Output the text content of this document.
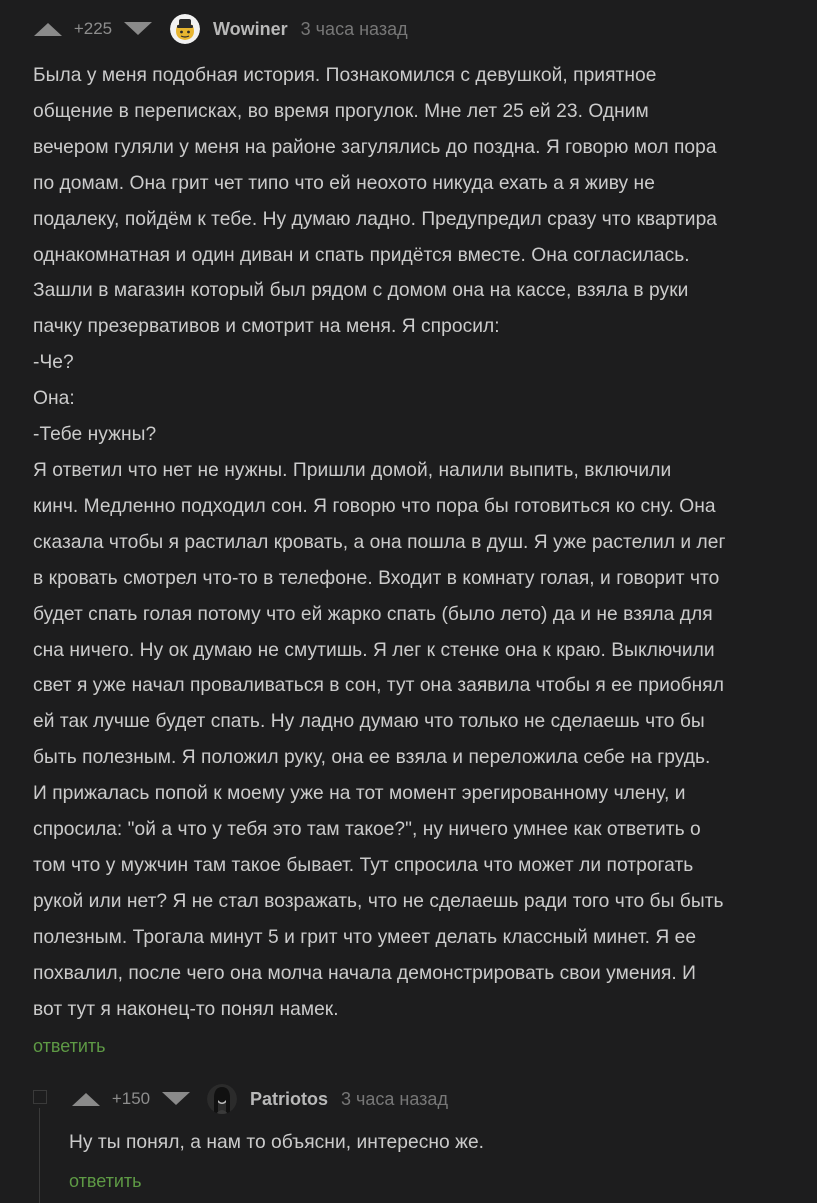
+225	Wowiner 3 часа назад
Была у меня подобная история. Познакомился с девушкой, приятное
общение в переписках, во время прогулок. Мне лет 25 ей 23. Одним
вечером гуляли у меня на районе загулялись до поздна. Я говорю мол пора
по домам. Она грит чет типо что ей неохото никуда ехать а я живу не
подалеку, пойдём к тебе. Ну думаю ладно. Предупредил сразу что квартира
однакомнатная и один диван и спать придётся вместе. Она согласилась.
Зашли в магазин который был рядом с домом она на кассе, взяла в руки
пачку презервативов и смотрит на меня. Я спросил:
-Че?
Она:
-Тебе нужны?
Я ответил что нет не нужны. Пришли домой, налили выпить, включили
кинч. Медленно подходил сон. Я говорю что пора бы готовиться ко сну. Она
сказала чтобы я растилал кровать, а она пошла в душ. Я уже растелил и лег
в кровать смотрел что-то в телефоне. Входит в комнату голая, и говорит что
будет спать голая потому что ей жарко спать (было лето) да и не взяла для
сна ничего. Ну ок думаю не смутишь. Я лег к стенке она к краю. Выключили
свет я уже начал проваливаться в сон, тут она заявила чтобы я ее приобнял
ей так лучше будет спать. Ну ладно думаю что только не сделаешь что бы
быть полезным. Я положил руку, она ее взяла и переложила себе на грудь.
И прижалась попой к моему уже на тот момент эрегированному члену, и
спросила: "ой а что у тебя это там такое?", ну ничего умнее как ответить о
том что у мужчин там такое бывает. Тут спросила что может ли потрогать
рукой или нет? Я не стал возражать, что не сделаешь ради того что бы быть
полезным. Трогала минут 5 и грит что умеет делать классный минет. Я ее
похвалил, после чего она молча начала демонстрировать свои умения. И
вот тут я наконец-то понял намек.
ответить
+150	Patriotos 3 часа назад
Ну ты понял, а нам то объясни, интересно же.
ответить
